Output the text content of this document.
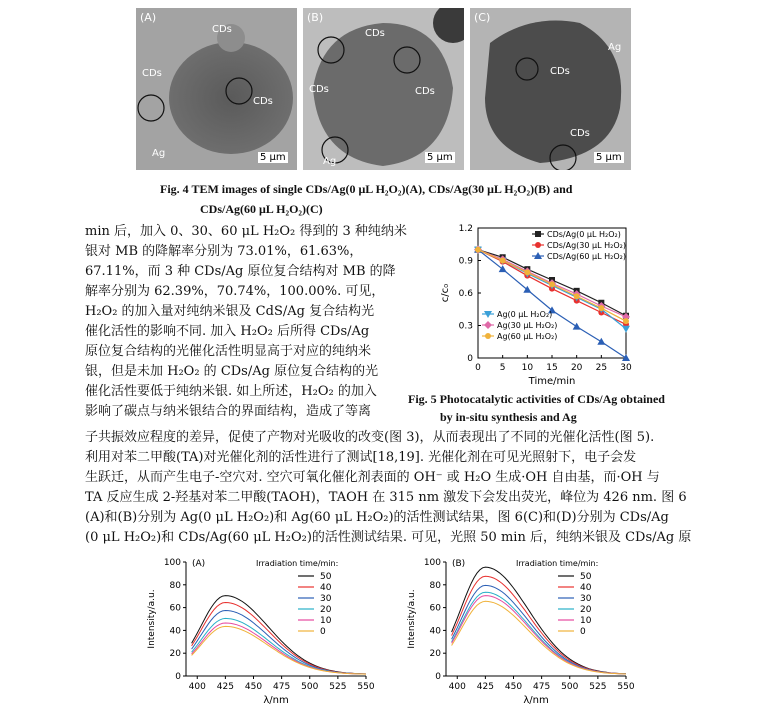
(A)
CDs
CDs
CDs
Ag	5 μm
(B)
CDs
CDs
CDs
Ag	5 μm
(C)
Ag
CDs
CDs
5 μm
Fig. 4 TEM images of single CDs/Ag(0 μL H₂O₂)(A), CDs/Ag(30 μL H₂O₂)(B) and
CDs/Ag(60 μL H₂O₂)(C)
min 后，加入 0、30、60 μL H₂O₂ 得到的 3 种纯纳米
银对 MB 的降解率分别为 73.01%，61.63%，
67.11%，而 3 种 CDs/Ag 原位复合结构对 MB 的降
解率分别为 62.39%，70.74%，100.00%. 可见，
H₂O₂ 的加入量对纯纳米银及 CdS/Ag 复合结构光
催化活性的影响不同. 加入 H₂O₂ 后所得 CDs/Ag
原位复合结构的光催化活性明显高于对应的纯纳米
银，但是未加 H₂O₂ 的 CDs/Ag 原位复合结构的光
催化活性要低于纯纳米银. 如上所述，H₂O₂ 的加入
影响了碳点与纳米银结合的界面结构，造成了等离
0 5 10 15 20 25 30
0
0.3
0.6
0.9
1.2
Time/min
c/c₀
CDs/Ag(0 μL H₂O₂)
CDs/Ag(30 μL H₂O₂)
CDs/Ag(60 μL H₂O₂)
Ag(0 μL H₂O₂)
Ag(30 μL H₂O₂)
Ag(60 μL H₂O₂)
Fig. 5 Photocatalytic activities of CDs/Ag obtained
by in-situ synthesis and Ag
子共振效应程度的差异，促使了产物对光吸收的改变(图 3)，从而表现出了不同的光催化活性(图 5).
利用对苯二甲酸(TA)对光催化剂的活性进行了测试[18,19]. 光催化剂在可见光照射下，电子会发
生跃迁，从而产生电子-空穴对. 空穴可氧化催化剂表面的 OH⁻ 或 H₂O 生成·OH 自由基，而·OH 与
TA 反应生成 2-羟基对苯二甲酸(TAOH)，TAOH 在 315 nm 激发下会发出荧光，峰位为 426 nm. 图 6
(A)和(B)分别为 Ag(0 μL H₂O₂)和 Ag(60 μL H₂O₂)的活性测试结果，图 6(C)和(D)分别为 CDs/Ag
(0 μL H₂O₂)和 CDs/Ag(60 μL H₂O₂)的活性测试结果. 可见，光照 50 min 后，纯纳米银及 CDs/Ag 原
400 425 450 475 500 525 550
0
20
40
60
80
100
λ/nm
Intensity/a.u.
(A)	Irradiation time/min:
50
40
30
20
10
0
400 425 450 475 500 525 550
0
20
40
60
80
100
λ/nm
Intensity/a.u.
(B)	Irradiation time/min:
50
40
30
20
10
0
